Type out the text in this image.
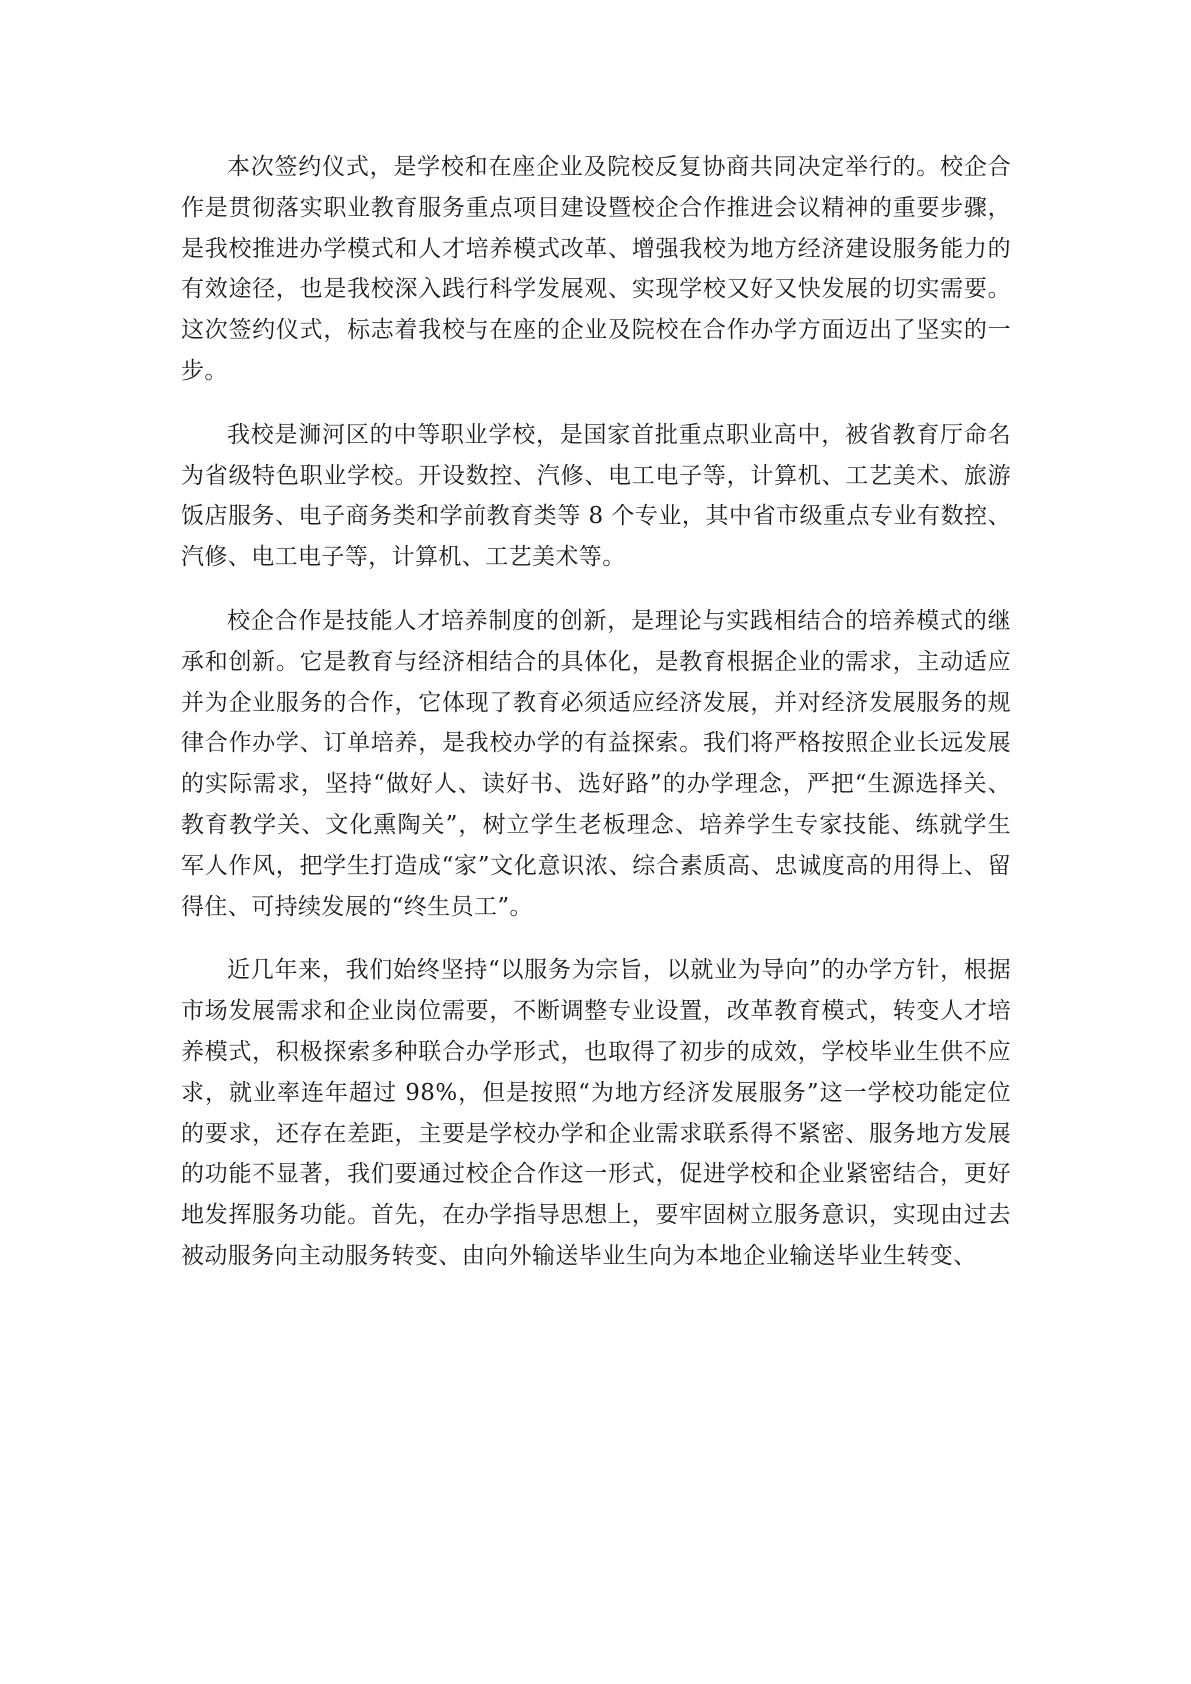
本次签约仪式，是学校和在座企业及院校反复协商共同决定举行的。校企合作是贯彻落实职业教育服务重点项目建设暨校企合作推进会议精神的重要步骤，是我校推进办学模式和人才培养模式改革、增强我校为地方经济建设服务能力的有效途径，也是我校深入践行科学发展观、实现学校又好又快发展的切实需要。这次签约仪式，标志着我校与在座的企业及院校在合作办学方面迈出了坚实的一步。

我校是浉河区的中等职业学校，是国家首批重点职业高中，被省教育厅命名为省级特色职业学校。开设数控、汽修、电工电子等，计算机、工艺美术、旅游饭店服务、电子商务类和学前教育类等 8 个专业，其中省市级重点专业有数控、汽修、电工电子等，计算机、工艺美术等。

校企合作是技能人才培养制度的创新，是理论与实践相结合的培养模式的继承和创新。它是教育与经济相结合的具体化，是教育根据企业的需求，主动适应并为企业服务的合作，它体现了教育必须适应经济发展，并对经济发展服务的规律合作办学、订单培养，是我校办学的有益探索。我们将严格按照企业长远发展的实际需求，坚持“做好人、读好书、选好路”的办学理念，严把“生源选择关、教育教学关、文化熏陶关”，树立学生老板理念、培养学生专家技能、练就学生军人作风，把学生打造成“家”文化意识浓、综合素质高、忠诚度高的用得上、留得住、可持续发展的“终生员工”。

近几年来，我们始终坚持“以服务为宗旨，以就业为导向”的办学方针，根据市场发展需求和企业岗位需要，不断调整专业设置，改革教育模式，转变人才培养模式，积极探索多种联合办学形式，也取得了初步的成效，学校毕业生供不应求，就业率连年超过 98%，但是按照“为地方经济发展服务”这一学校功能定位的要求，还存在差距，主要是学校办学和企业需求联系得不紧密、服务地方发展的功能不显著，我们要通过校企合作这一形式，促进学校和企业紧密结合，更好地发挥服务功能。首先，在办学指导思想上，要牢固树立服务意识，实现由过去被动服务向主动服务转变、由向外输送毕业生向为本地企业输送毕业生转变、
